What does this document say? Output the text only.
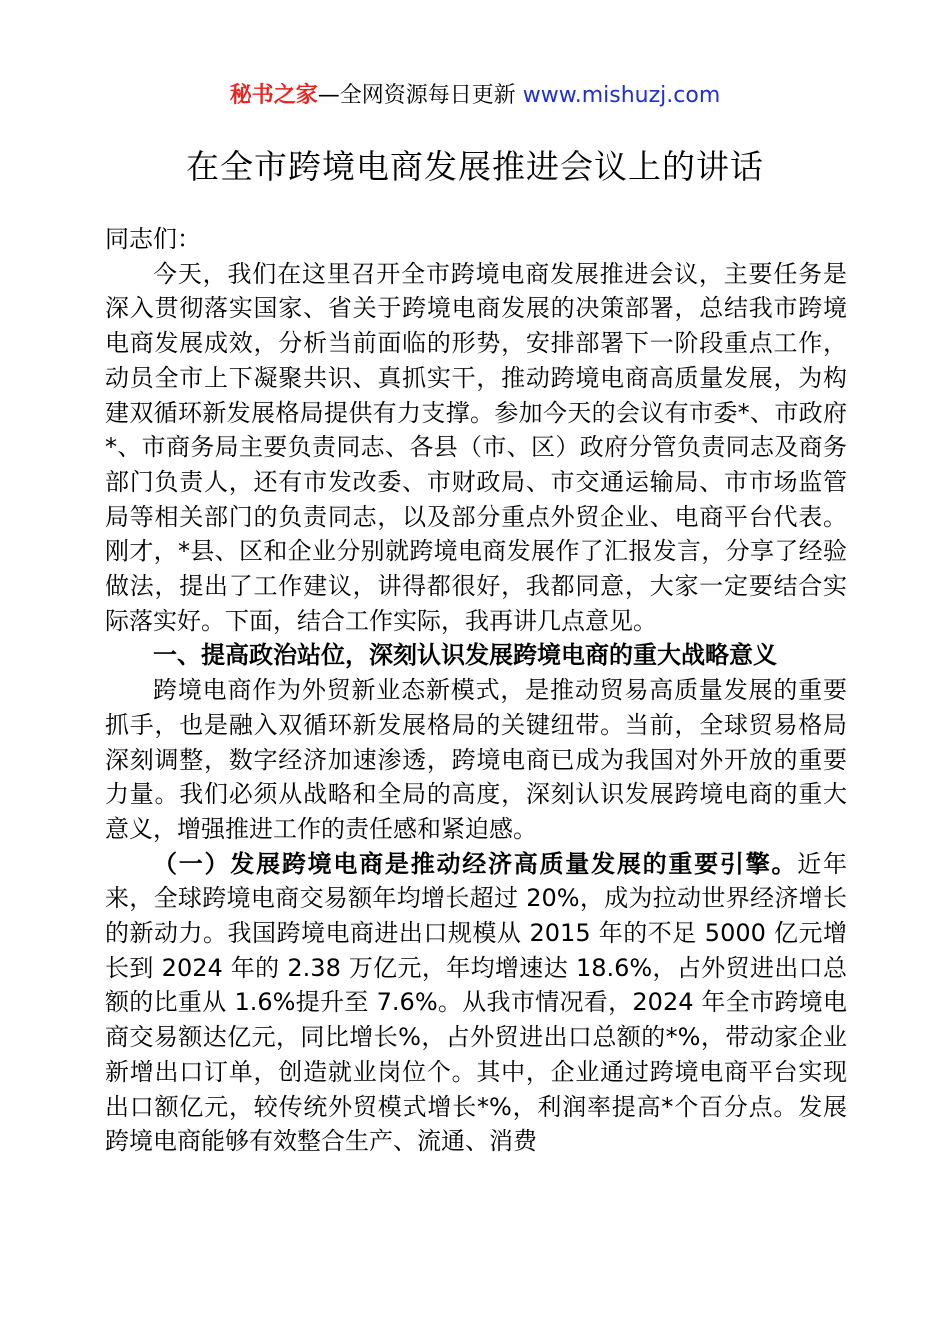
秘书之家—全网资源每日更新 www.mishuzj.com
在全市跨境电商发展推进会议上的讲话

同志们：

今天，我们在这里召开全市跨境电商发展推进会议，主要任务是深入贯彻落实国家、省关于跨境电商发展的决策部署，总结我市跨境电商发展成效，分析当前面临的形势，安排部署下一阶段重点工作，动员全市上下凝聚共识、真抓实干，推动跨境电商高质量发展，为构建双循环新发展格局提供有力支撑。参加今天的会议有市委*、市政府*、市商务局主要负责同志、各县（市、区）政府分管负责同志及商务部门负责人，还有市发改委、市财政局、市交通运输局、市市场监管局等相关部门的负责同志，以及部分重点外贸企业、电商平台代表。刚才，*县、区和企业分别就跨境电商发展作了汇报发言，分享了经验做法，提出了工作建议，讲得都很好，我都同意，大家一定要结合实际落实好。下面，结合工作实际，我再讲几点意见。

一、提高政治站位，深刻认识发展跨境电商的重大战略意义

跨境电商作为外贸新业态新模式，是推动贸易高质量发展的重要抓手，也是融入双循环新发展格局的关键纽带。当前，全球贸易格局深刻调整，数字经济加速渗透，跨境电商已成为我国对外开放的重要力量。我们必须从战略和全局的高度，深刻认识发展跨境电商的重大意义，增强推进工作的责任感和紧迫感。

（一）发展跨境电商是推动经济高质量发展的重要引擎。近年来，全球跨境电商交易额年均增长超过 20%，成为拉动世界经济增长的新动力。我国跨境电商进出口规模从 2015 年的不足 5000 亿元增长到 2024 年的 2.38 万亿元，年均增速达 18.6%，占外贸进出口总额的比重从 1.6%提升至 7.6%。从我市情况看，2024 年全市跨境电商交易额达亿元，同比增长%，占外贸进出口总额的*%，带动家企业新增出口订单，创造就业岗位个。其中，企业通过跨境电商平台实现出口额亿元，较传统外贸模式增长*%，利润率提高*个百分点。发展跨境电商能够有效整合生产、流通、消费
